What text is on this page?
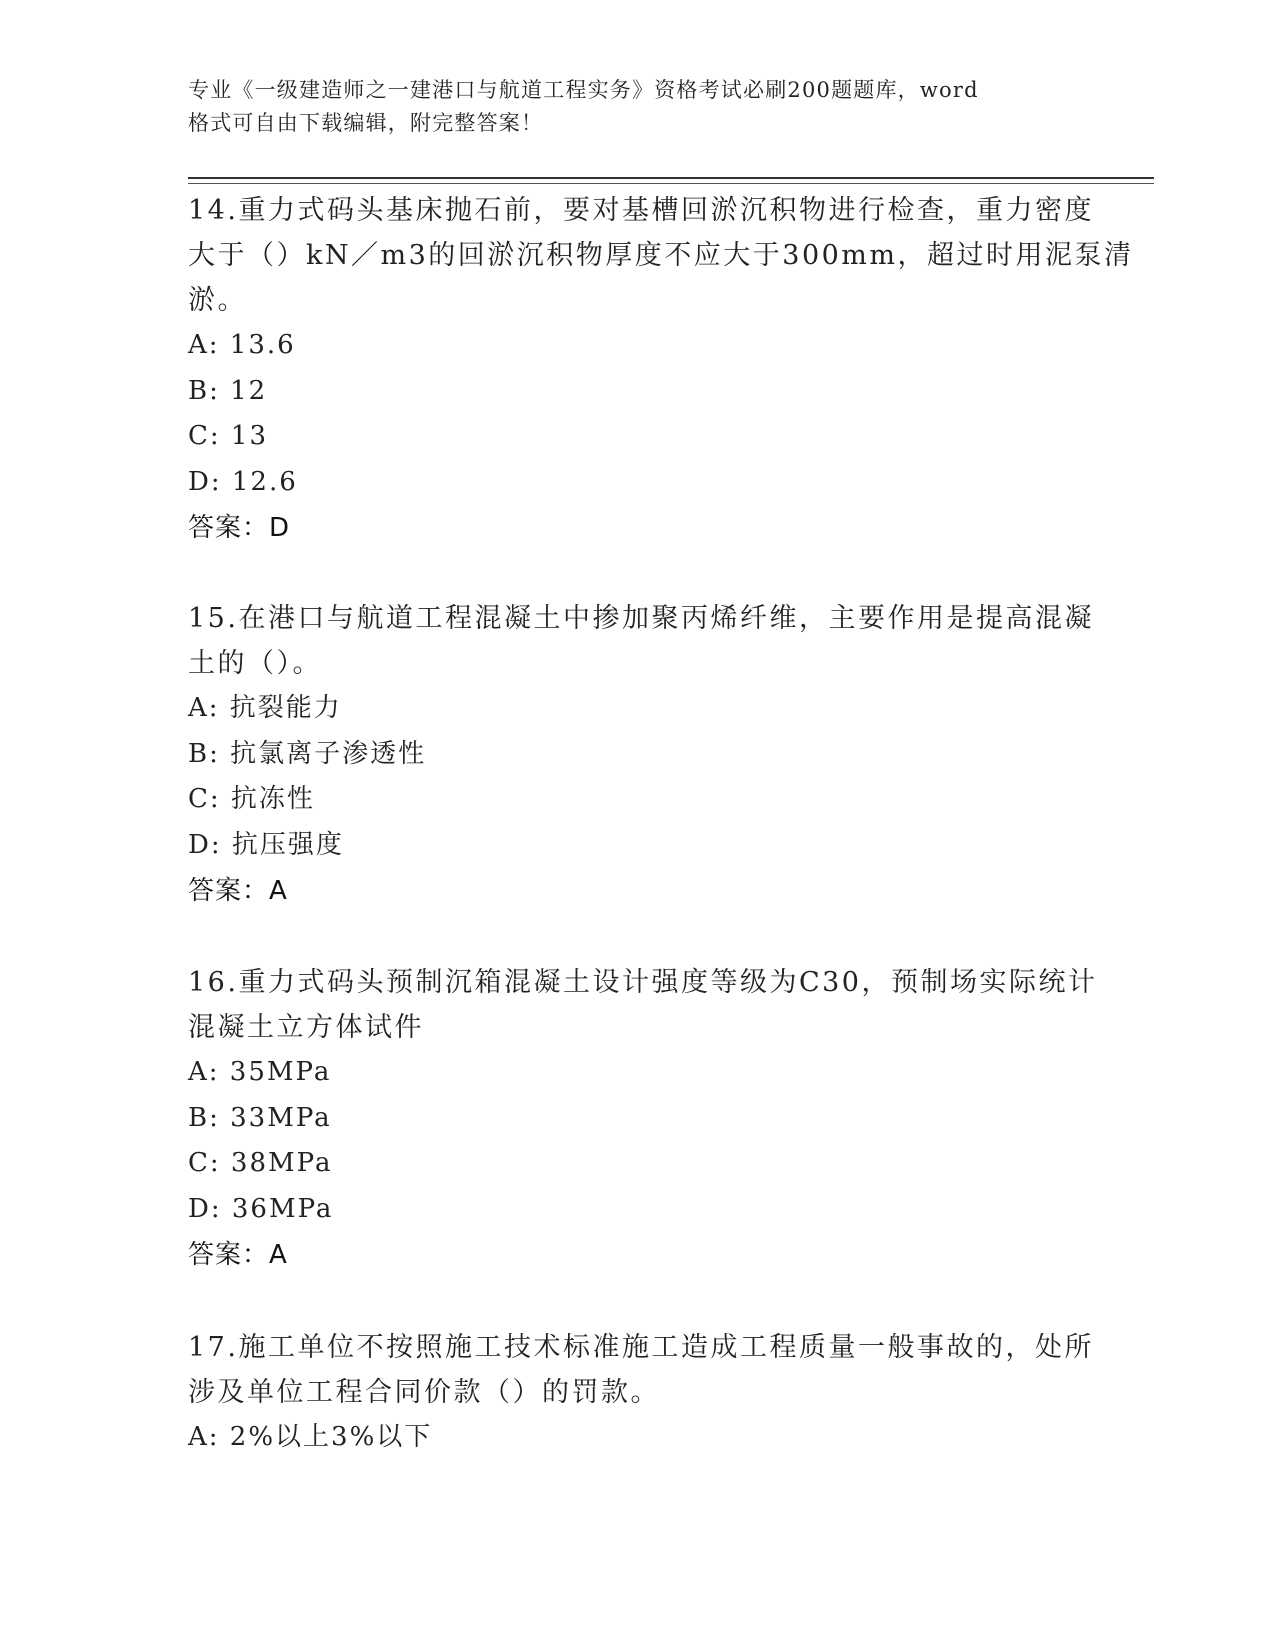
专业《一级建造师之一建港口与航道工程实务》资格考试必刷200题题库，word
格式可自由下载编辑，附完整答案！
14.重力式码头基床抛石前，要对基槽回淤沉积物进行检查，重力密度
大于（）kN／m3的回淤沉积物厚度不应大于300mm，超过时用泥泵清
淤。
A: 13.6
B: 12
C: 13
D: 12.6
答案：D
15.在港口与航道工程混凝土中掺加聚丙烯纤维，主要作用是提高混凝
土的（）。
A: 抗裂能力
B: 抗氯离子渗透性
C: 抗冻性
D: 抗压强度
答案：A
16.重力式码头预制沉箱混凝土设计强度等级为C30，预制场实际统计
混凝土立方体试件
A: 35MPa
B: 33MPa
C: 38MPa
D: 36MPa
答案：A
17.施工单位不按照施工技术标准施工造成工程质量一般事故的，处所
涉及单位工程合同价款（）的罚款。
A: 2%以上3%以下
